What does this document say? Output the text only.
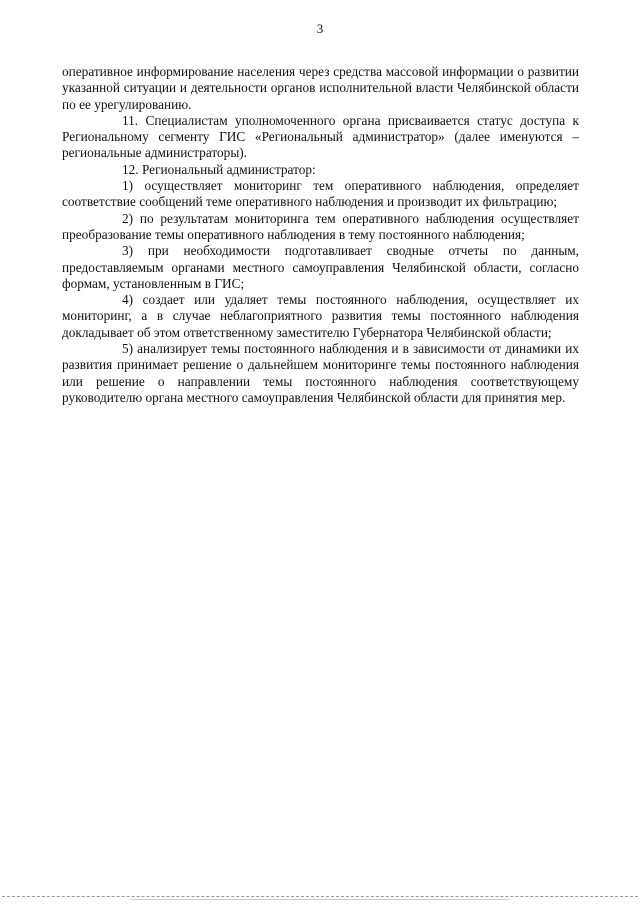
3

оперативное информирование населения через средства массовой информации о развитии указанной ситуации и деятельности органов исполнительной власти Челябинской области по ее урегулированию.

11. Специалистам уполномоченного органа присваивается статус доступа к Региональному сегменту ГИС «Региональный администратор» (далее именуются – региональные администраторы).

12. Региональный администратор:

1) осуществляет мониторинг тем оперативного наблюдения, определяет соответствие сообщений теме оперативного наблюдения и производит их фильтрацию;

2) по результатам мониторинга тем оперативного наблюдения осуществляет преобразование темы оперативного наблюдения в тему постоянного наблюдения;

3) при необходимости подготавливает сводные отчеты по данным, предоставляемым органами местного самоуправления Челябинской области, согласно формам, установленным в ГИС;

4) создает или удаляет темы постоянного наблюдения, осуществляет их мониторинг, а в случае неблагоприятного развития темы постоянного наблюдения докладывает об этом ответственному заместителю Губернатора Челябинской области;

5) анализирует темы постоянного наблюдения и в зависимости от динамики их развития принимает решение о дальнейшем мониторинге темы постоянного наблюдения или решение о направлении темы постоянного наблюдения соответствующему руководителю органа местного самоуправления Челябинской области для принятия мер.
